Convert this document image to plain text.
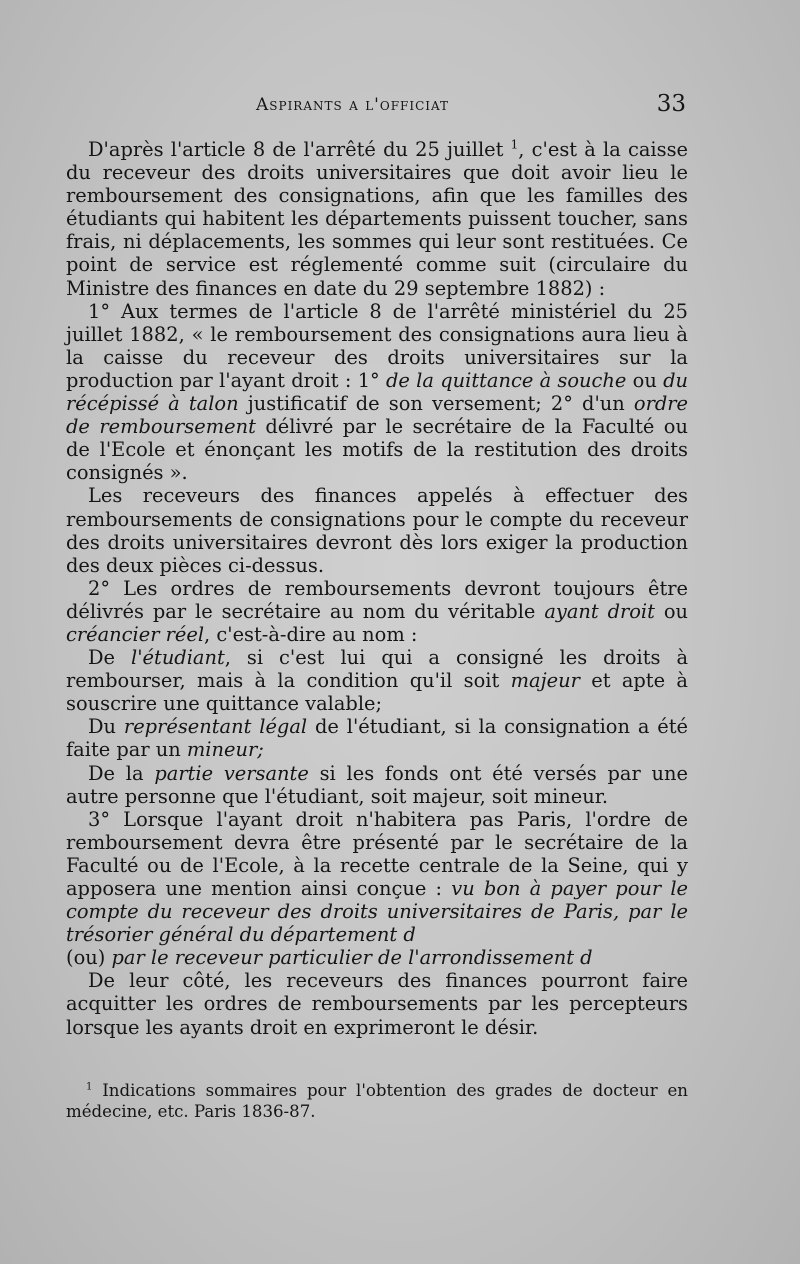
Aspirants a l'officiat	33

D'après l'article 8 de l'arrêté du 25 juillet $^1$, c'est à la caisse du receveur des droits universitaires que doit avoir lieu le remboursement des consignations, afin que les familles des étudiants qui habitent les départements puissent toucher, sans frais, ni déplacements, les sommes qui leur sont restituées. Ce point de service est réglementé comme suit (circulaire du Ministre des finances en date du 29 septembre 1882) :

1° Aux termes de l'article 8 de l'arrêté ministériel du 25 juillet 1882, « le remboursement des consignations aura lieu à la caisse du receveur des droits universitaires sur la production par l'ayant droit : 1° de la quittance à souche ou du récépissé à talon justificatif de son versement; 2° d'un ordre de remboursement délivré par le secrétaire de la Faculté ou de l'Ecole et énonçant les motifs de la restitution des droits consignés ».

Les receveurs des finances appelés à effectuer des remboursements de consignations pour le compte du receveur des droits universitaires devront dès lors exiger la production des deux pièces ci-dessus.

2° Les ordres de remboursements devront toujours être délivrés par le secrétaire au nom du véritable ayant droit ou créancier réel, c'est-à-dire au nom :

De l'étudiant, si c'est lui qui a consigné les droits à rembourser, mais à la condition qu'il soit majeur et apte à souscrire une quittance valable;

Du représentant légal de l'étudiant, si la consignation a été faite par un mineur;

De la partie versante si les fonds ont été versés par une autre personne que l'étudiant, soit majeur, soit mineur.

3° Lorsque l'ayant droit n'habitera pas Paris, l'ordre de remboursement devra être présenté par le secrétaire de la Faculté ou de l'Ecole, à la recette centrale de la Seine, qui y apposera une mention ainsi conçue : vu bon à payer pour le compte du receveur des droits universitaires de Paris, par le trésorier général du département d

(ou) par le receveur particulier de l'arrondissement d

De leur côté, les receveurs des finances pourront faire acquitter les ordres de remboursements par les percepteurs lorsque les ayants droit en exprimeront le désir.

$^1$ Indications sommaires pour l'obtention des grades de docteur en médecine, etc. Paris 1836-87.
